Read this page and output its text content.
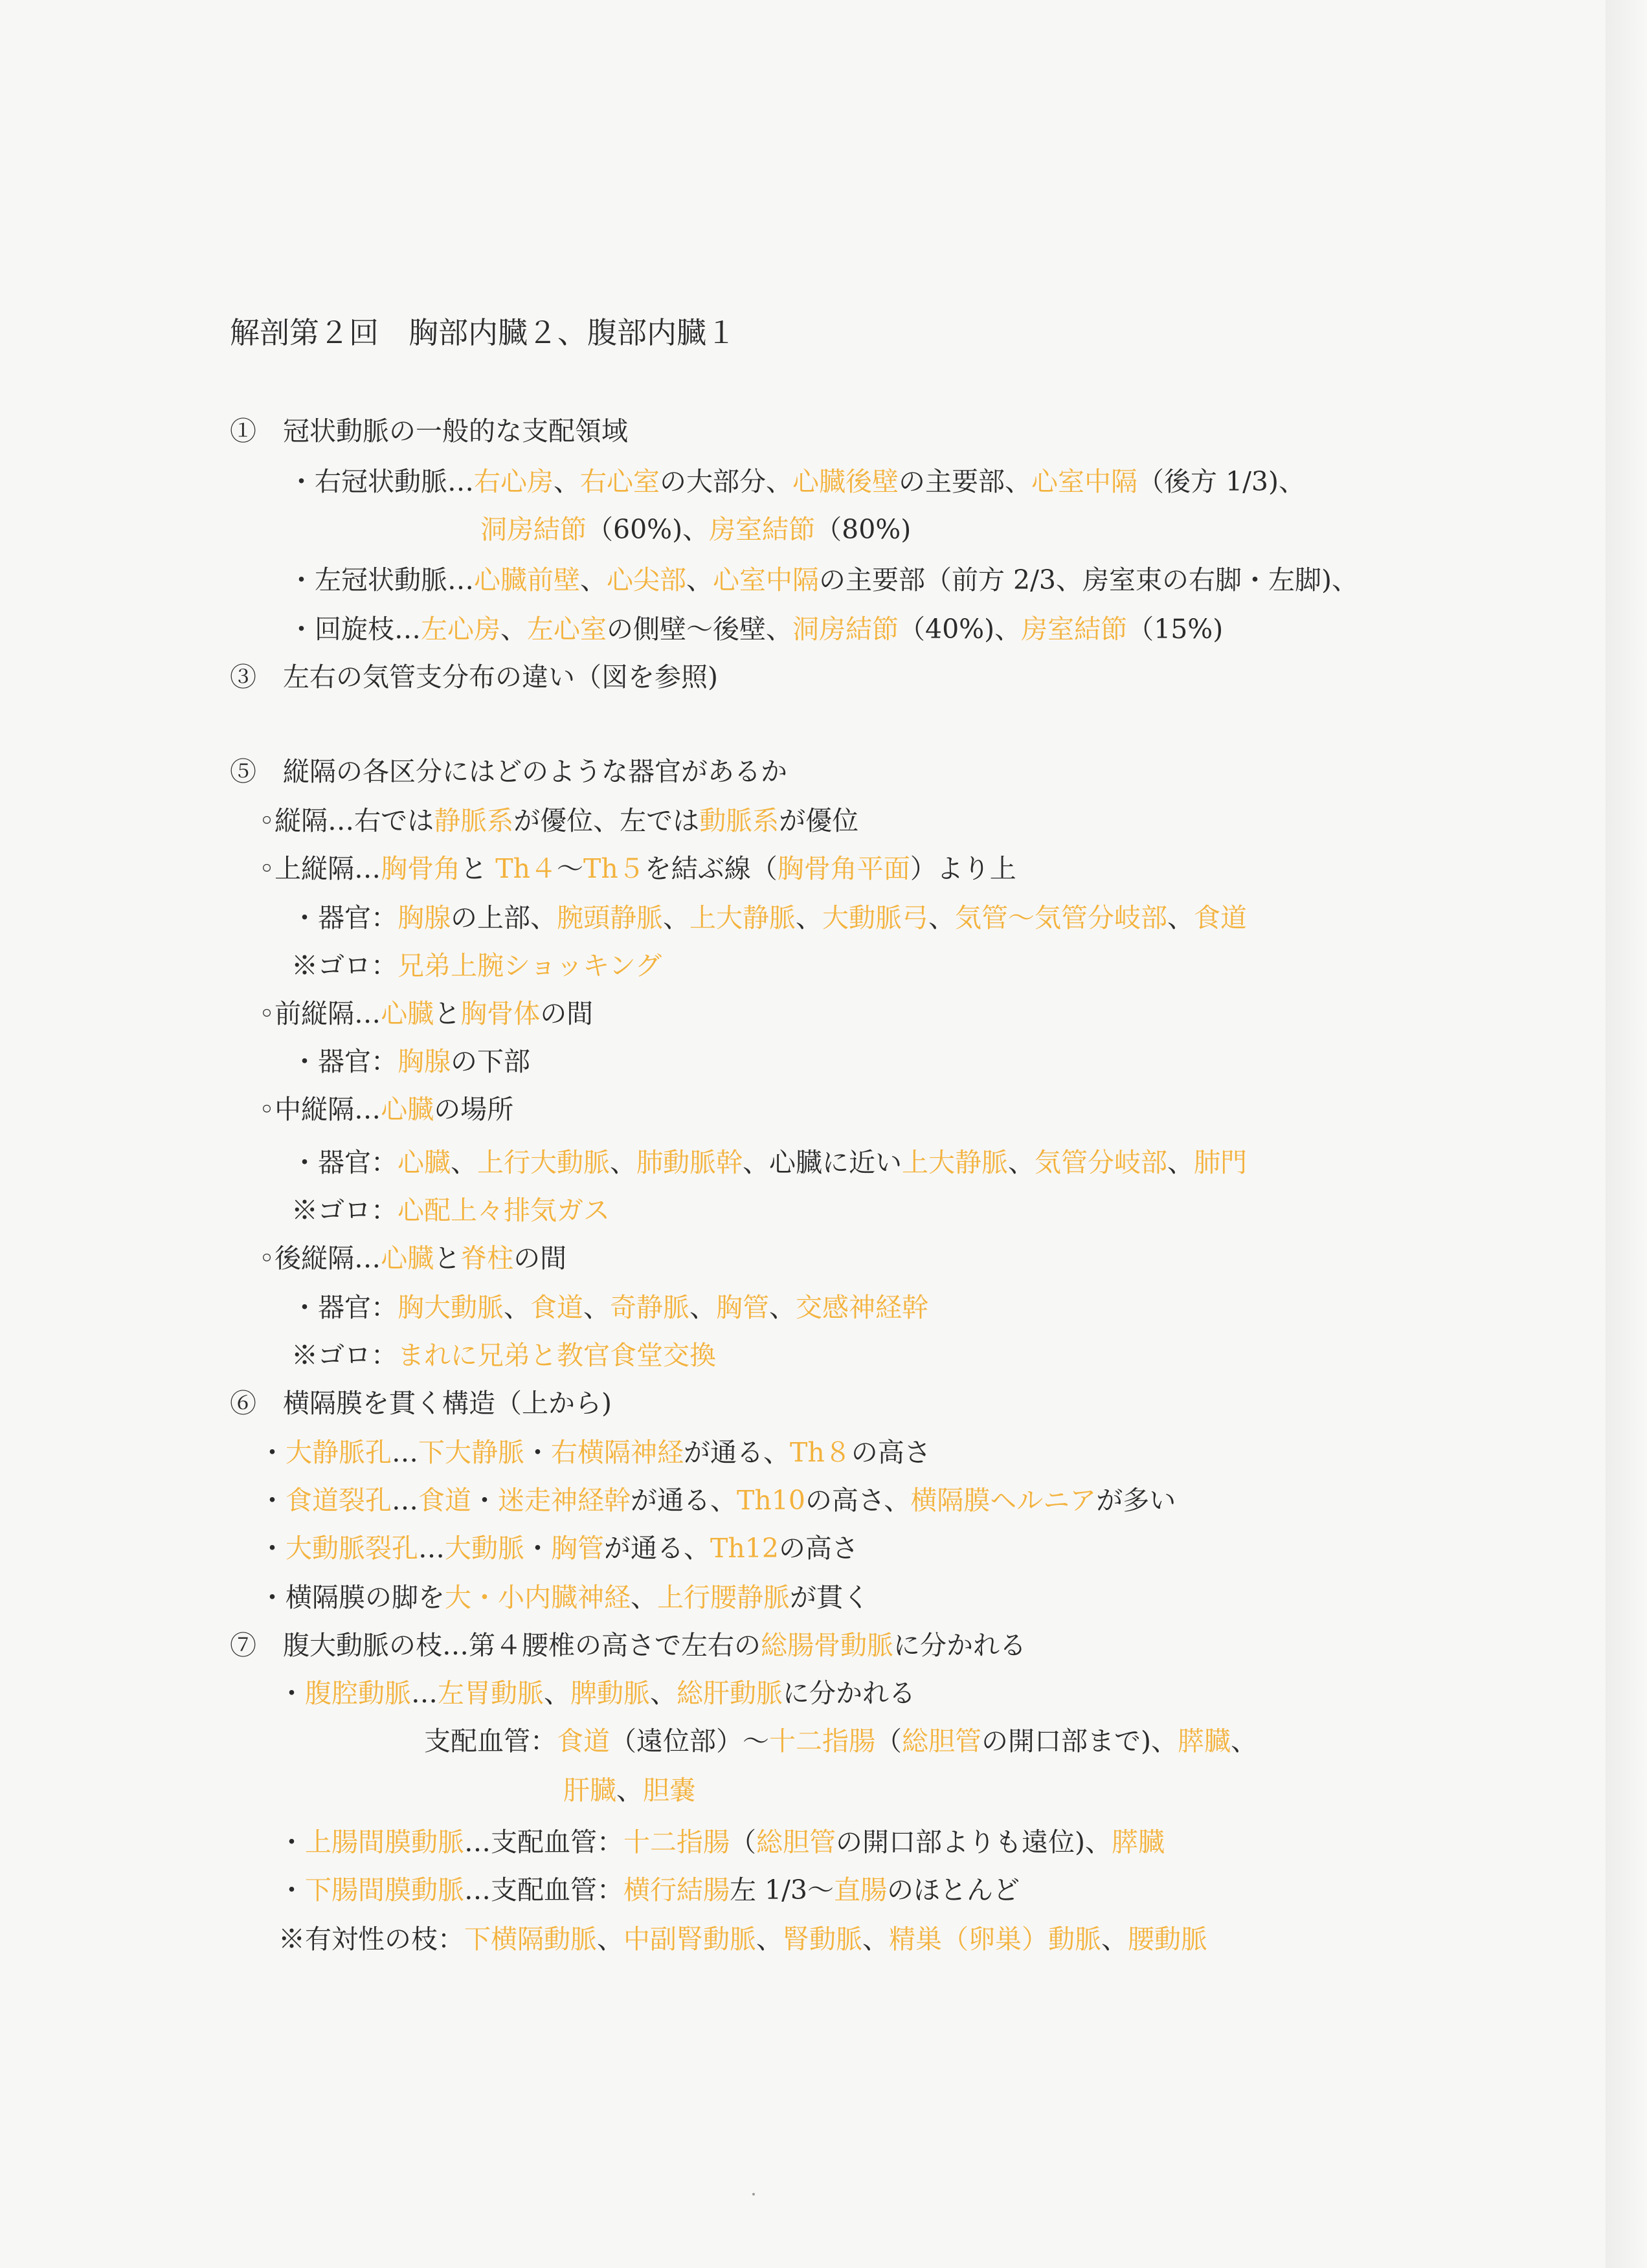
解剖第２回　胸部内臓２、腹部内臓１
①　冠状動脈の一般的な支配領域
・右冠状動脈…右心房、右心室の大部分、心臓後壁の主要部、心室中隔（後方 1/3)、
洞房結節（60%)、房室結節（80%)
・左冠状動脈…心臓前壁、心尖部、心室中隔の主要部（前方 2/3、房室束の右脚・左脚)、
・回旋枝…左心房、左心室の側壁～後壁、洞房結節（40%)、房室結節（15%)
③　左右の気管支分布の違い（図を参照)
⑤　縦隔の各区分にはどのような器官があるか
◦縦隔…右では静脈系が優位、左では動脈系が優位
◦上縦隔…胸骨角と Th４～Th５を結ぶ線（胸骨角平面）より上
・器官：胸腺の上部、腕頭静脈、上大静脈、大動脈弓、気管～気管分岐部、食道
※ゴロ：兄弟上腕ショッキング
◦前縦隔…心臓と胸骨体の間
・器官：胸腺の下部
◦中縦隔…心臓の場所
・器官：心臓、上行大動脈、肺動脈幹、心臓に近い上大静脈、気管分岐部、肺門
※ゴロ：心配上々排気ガス
◦後縦隔…心臓と脊柱の間
・器官：胸大動脈、食道、奇静脈、胸管、交感神経幹
※ゴロ：まれに兄弟と教官食堂交換
⑥　横隔膜を貫く構造（上から)
・大静脈孔…下大静脈・右横隔神経が通る、Th８の高さ
・食道裂孔…食道・迷走神経幹が通る、Th10の高さ、横隔膜ヘルニアが多い
・大動脈裂孔…大動脈・胸管が通る、Th12の高さ
・横隔膜の脚を大・小内臓神経、上行腰静脈が貫く
⑦　腹大動脈の枝…第４腰椎の高さで左右の総腸骨動脈に分かれる
・腹腔動脈…左胃動脈、脾動脈、総肝動脈に分かれる
支配血管：食道（遠位部）～十二指腸（総胆管の開口部まで)、膵臓、
肝臓、胆嚢
・上腸間膜動脈…支配血管：十二指腸（総胆管の開口部よりも遠位)、膵臓
・下腸間膜動脈…支配血管：横行結腸左 1/3～直腸のほとんど
※有対性の枝：下横隔動脈、中副腎動脈、腎動脈、精巣（卵巣）動脈、腰動脈
